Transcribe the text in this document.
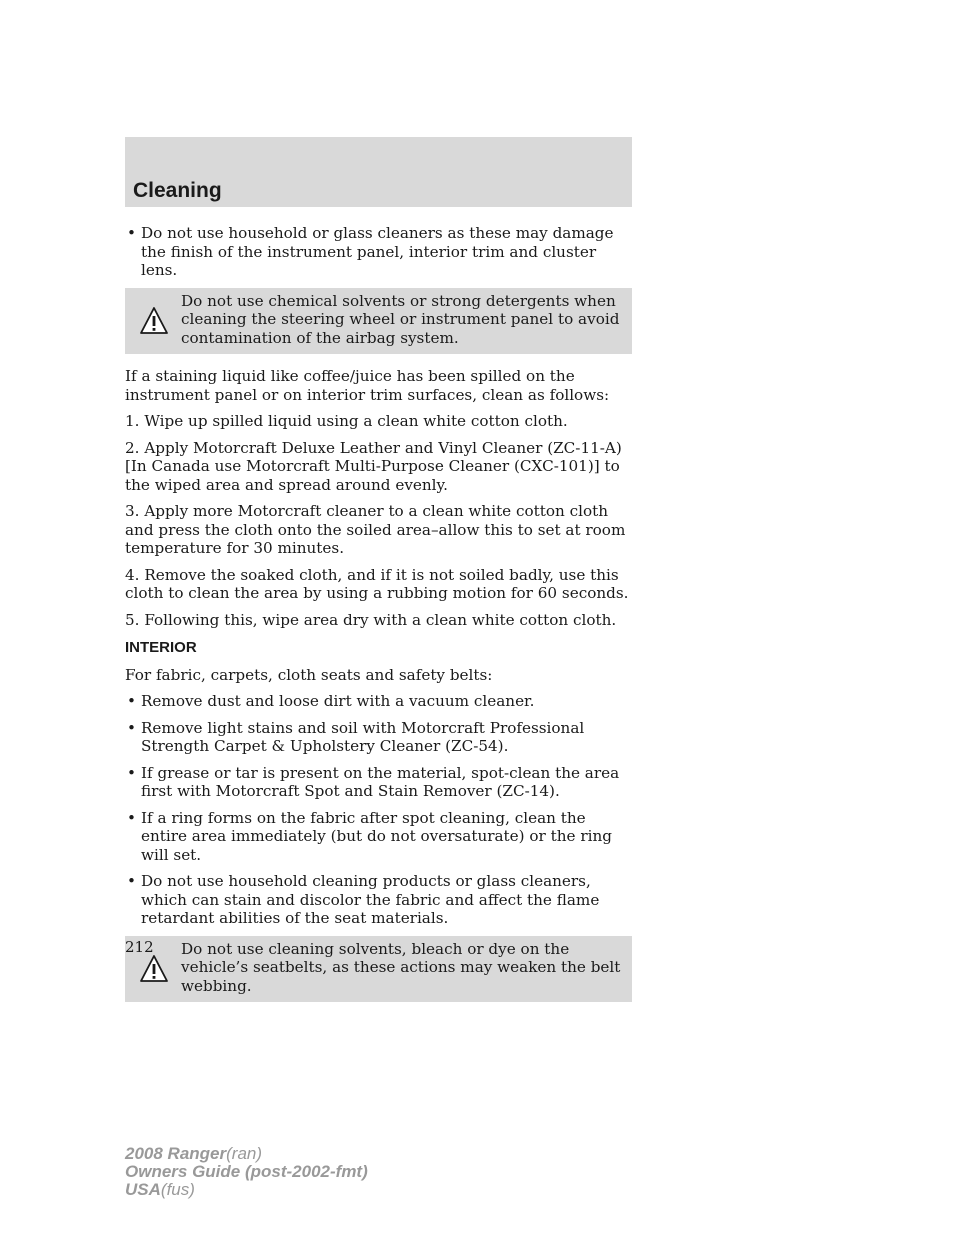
Cleaning
• Do not use household or glass cleaners as these may damage the finish of the instrument panel, interior trim and cluster lens.
Do not use chemical solvents or strong detergents when cleaning the steering wheel or instrument panel to avoid contamination of the airbag system.

If a staining liquid like coffee/juice has been spilled on the instrument panel or on interior trim surfaces, clean as follows:

1. Wipe up spilled liquid using a clean white cotton cloth.

2. Apply Motorcraft Deluxe Leather and Vinyl Cleaner (ZC-11-A) [In Canada use Motorcraft Multi-Purpose Cleaner (CXC-101)] to the wiped area and spread around evenly.

3. Apply more Motorcraft cleaner to a clean white cotton cloth and press the cloth onto the soiled area–allow this to set at room temperature for 30 minutes.

4. Remove the soaked cloth, and if it is not soiled badly, use this cloth to clean the area by using a rubbing motion for 60 seconds.

5. Following this, wipe area dry with a clean white cotton cloth.

INTERIOR

For fabric, carpets, cloth seats and safety belts:

• Remove dust and loose dirt with a vacuum cleaner.
• Remove light stains and soil with Motorcraft Professional Strength Carpet & Upholstery Cleaner (ZC-54).
• If grease or tar is present on the material, spot-clean the area first with Motorcraft Spot and Stain Remover (ZC-14).
• If a ring forms on the fabric after spot cleaning, clean the entire area immediately (but do not oversaturate) or the ring will set.
• Do not use household cleaning products or glass cleaners, which can stain and discolor the fabric and affect the flame retardant abilities of the seat materials.
Do not use cleaning solvents, bleach or dye on the vehicle’s seatbelts, as these actions may weaken the belt webbing.
212
2008 Ranger(ran)
Owners Guide (post-2002-fmt)
USA(fus)
